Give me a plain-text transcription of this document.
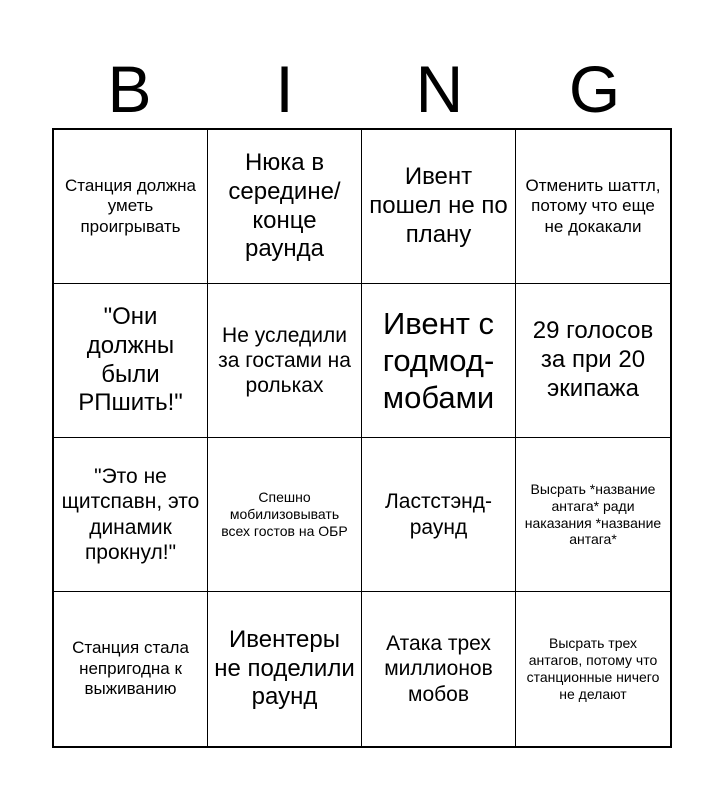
B	I	N	G
Станция должна уметь проигрывать
Нюка в середине/ конце раунда
Ивент пошел не по плану
Отменить шаттл, потому что еще не докакали
"Они должны были РПшить!"
Не уследили за гостами на рольках
Ивент с годмод-мобами
29 голосов за при 20 экипажа
"Это не щитспавн, это динамик прокнул!"
Спешно мобилизовывать всех гостов на ОБР
Ластстэнд-раунд
Высрать *название антага* ради наказания *название антага*
Станция стала непригодна к выживанию
Ивентеры не поделили раунд
Атака трех миллионов мобов
Высрать трех антагов, потому что станционные ничего не делают
